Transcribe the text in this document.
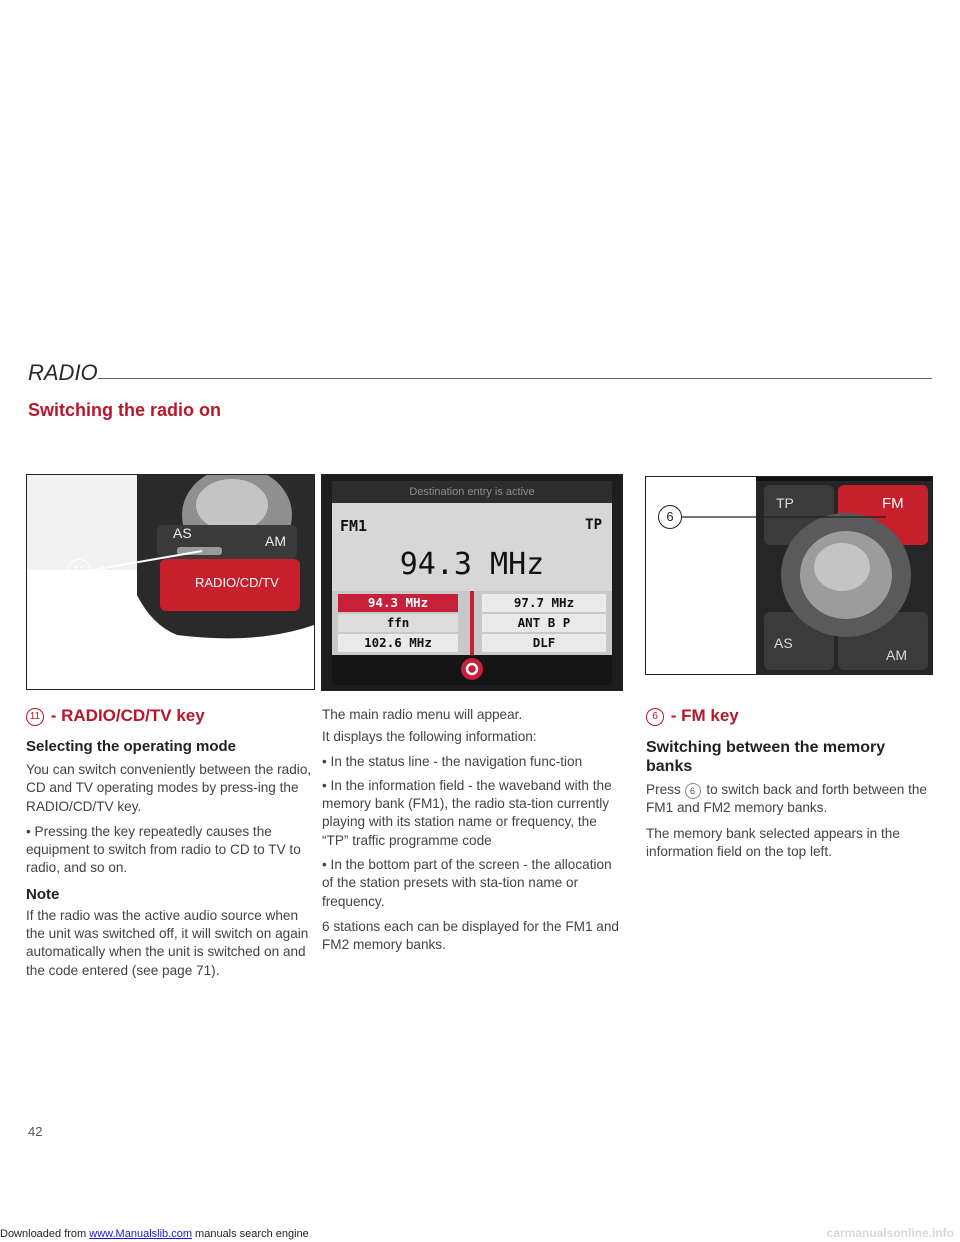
RADIO
Switching the radio on
AS	AM
RADIO/CD/TV
11
Destination entry is active
FM1	TP
94.3 MHz
94.3 MHz	97.7 MHz
ffn	ANT B P
102.6 MHz	DLF
TP	FM
AS
AM
6
11 - RADIO/CD/TV key
Selecting the operating mode

You can switch conveniently between the radio, CD and TV operating modes by press-ing the RADIO/CD/TV key.

• Pressing the key repeatedly causes the equipment to switch from radio to CD to TV to radio, and so on.

Note

If the radio was the active audio source when the unit was switched off, it will switch on again automatically when the unit is switched on and the code entered (see page 71).

The main radio menu will appear.

It displays the following information:

• In the status line - the navigation func-tion

• In the information field - the waveband with the memory bank (FM1), the radio sta-tion currently playing with its station name or frequency, the “TP” traffic programme code

• In the bottom part of the screen - the allocation of the station presets with sta-tion name or frequency.

6 stations each can be displayed for the FM1 and FM2 memory banks.

6 - FM key
Switching between the memory banks

Press 6 to switch back and forth between the FM1 and FM2 memory banks.

The memory bank selected appears in the information field on the top left.

42
Downloaded from www.Manualslib.com manuals search engine	carmanualsonline.info
